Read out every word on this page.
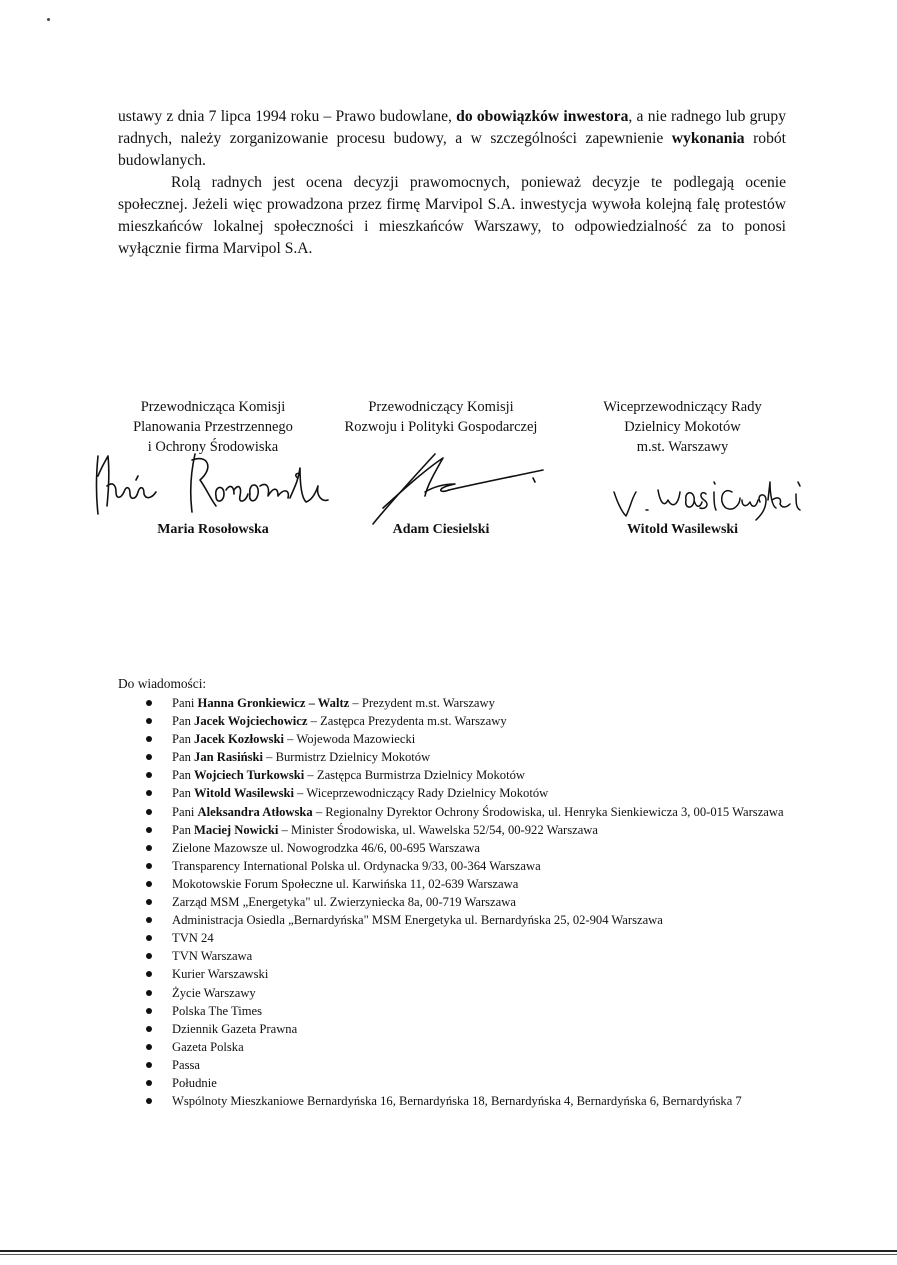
ustawy z dnia 7 lipca 1994 roku – Prawo budowlane, do obowiązków inwestora, a nie radnego lub grupy radnych, należy zorganizowanie procesu budowy, a w szczególności zapewnienie wykonania robót budowlanych.

Rolą radnych jest ocena decyzji prawomocnych, ponieważ decyzje te podlegają ocenie społecznej. Jeżeli więc prowadzona przez firmę Marvipol S.A. inwestycja wywoła kolejną falę protestów mieszkańców lokalnej społeczności i mieszkańców Warszawy, to odpowiedzialność za to ponosi wyłącznie firma Marvipol S.A.

Przewodnicząca Komisji
Planowania Przestrzennego
i Ochrony Środowiska
Maria Rosołowska
Przewodniczący Komisji
Rozwoju i Polityki Gospodarczej
Adam Ciesielski
Wiceprzewodniczący Rady
Dzielnicy Mokotów
m.st. Warszawy
Witold Wasilewski
Do wiadomości:
Pani Hanna Gronkiewicz – Waltz – Prezydent m.st. Warszawy
Pan Jacek Wojciechowicz – Zastępca Prezydenta m.st. Warszawy
Pan Jacek Kozłowski – Wojewoda Mazowiecki
Pan Jan Rasiński – Burmistrz Dzielnicy Mokotów
Pan Wojciech Turkowski – Zastępca Burmistrza Dzielnicy Mokotów
Pan Witold Wasilewski – Wiceprzewodniczący Rady Dzielnicy Mokotów
Pani Aleksandra Atłowska – Regionalny Dyrektor Ochrony Środowiska, ul. Henryka Sienkiewicza 3, 00-015 Warszawa
Pan Maciej Nowicki – Minister Środowiska, ul. Wawelska 52/54, 00-922 Warszawa
Zielone Mazowsze ul. Nowogrodzka 46/6, 00-695 Warszawa
Transparency International Polska ul. Ordynacka 9/33, 00-364 Warszawa
Mokotowskie Forum Społeczne ul. Karwińska 11, 02-639 Warszawa
Zarząd MSM „Energetyka" ul. Zwierzyniecka 8a, 00-719 Warszawa
Administracja Osiedla „Bernardyńska" MSM Energetyka ul. Bernardyńska 25, 02-904 Warszawa
TVN 24
TVN Warszawa
Kurier Warszawski
Życie Warszawy
Polska The Times
Dziennik Gazeta Prawna
Gazeta Polska
Passa
Południe
Wspólnoty Mieszkaniowe Bernardyńska 16, Bernardyńska 18, Bernardyńska 4, Bernardyńska 6, Bernardyńska 7
